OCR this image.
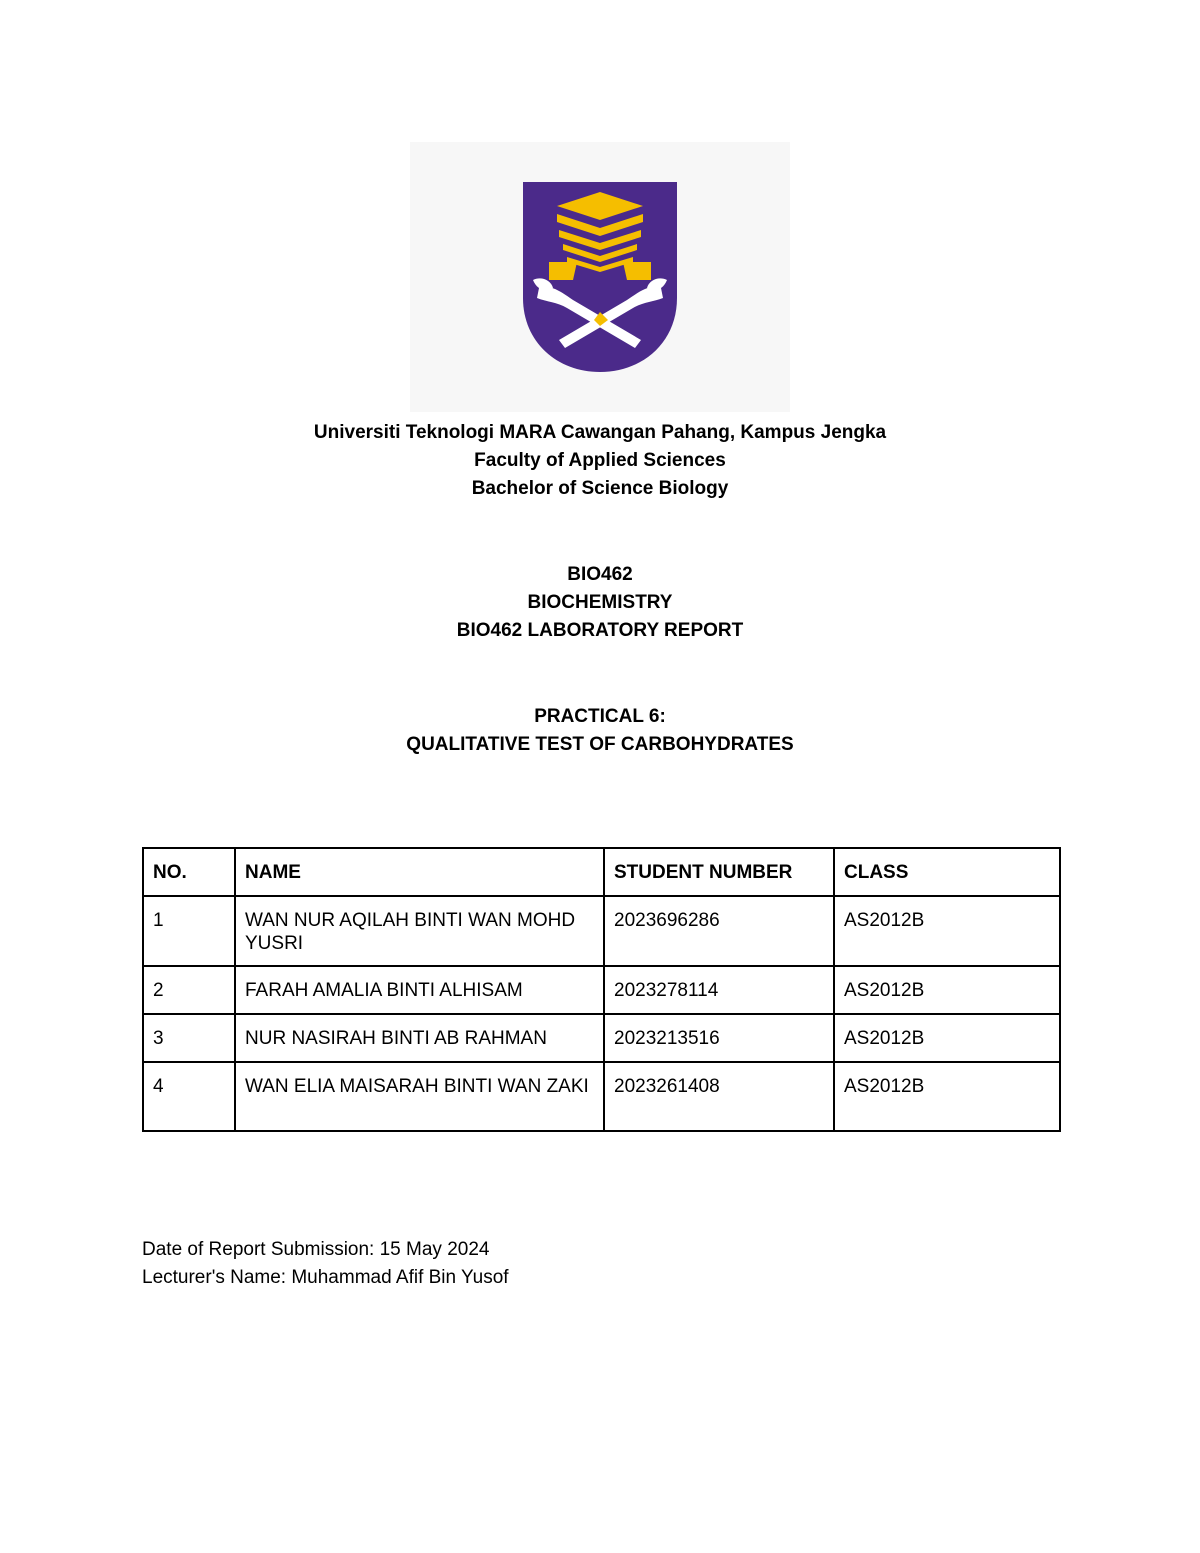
Universiti Teknologi MARA Cawangan Pahang, Kampus Jengka
Faculty of Applied Sciences
Bachelor of Science Biology
BIO462
BIOCHEMISTRY
BIO462 LABORATORY REPORT
PRACTICAL 6:
QUALITATIVE TEST OF CARBOHYDRATES
NO.	NAME	STUDENT NUMBER	CLASS
1	WAN NUR AQILAH BINTI WAN MOHD YUSRI	2023696286	AS2012B
2	FARAH AMALIA BINTI ALHISAM	2023278114	AS2012B
3	NUR NASIRAH BINTI AB RAHMAN	2023213516	AS2012B
4	WAN ELIA MAISARAH BINTI WAN ZAKI	2023261408	AS2012B
Date of Report Submission: 15 May 2024
Lecturer's Name: Muhammad Afif Bin Yusof
